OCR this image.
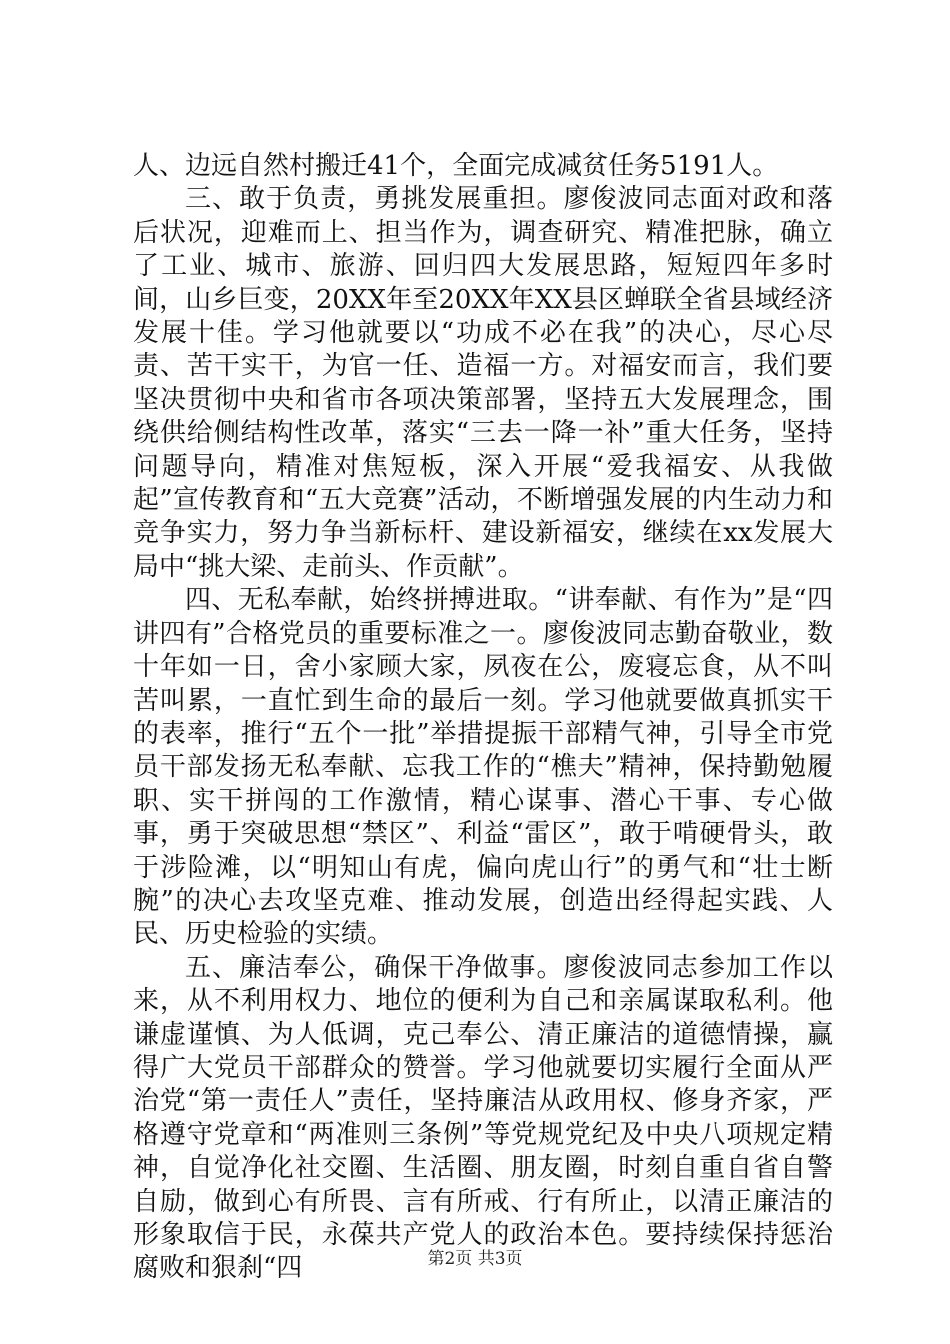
人、边远自然村搬迁41个，全面完成减贫任务5191人。

三、敢于负责，勇挑发展重担。廖俊波同志面对政和落后状况，迎难而上、担当作为，调查研究、精准把脉，确立了工业、城市、旅游、回归四大发展思路，短短四年多时间，山乡巨变，20XX年至20XX年XX县区蝉联全省县域经济发展十佳。学习他就要以“功成不必在我”的决心，尽心尽责、苦干实干，为官一任、造福一方。对福安而言，我们要坚决贯彻中央和省市各项决策部署，坚持五大发展理念，围绕供给侧结构性改革，落实“三去一降一补”重大任务，坚持问题导向，精准对焦短板，深入开展“爱我福安、从我做起”宣传教育和“五大竞赛”活动，不断增强发展的内生动力和竞争实力，努力争当新标杆、建设新福安，继续在xx发展大局中“挑大梁、走前头、作贡献”。

四、无私奉献，始终拼搏进取。“讲奉献、有作为”是“四讲四有”合格党员的重要标准之一。廖俊波同志勤奋敬业，数十年如一日，舍小家顾大家，夙夜在公，废寝忘食，从不叫苦叫累，一直忙到生命的最后一刻。学习他就要做真抓实干的表率，推行“五个一批”举措提振干部精气神，引导全市党员干部发扬无私奉献、忘我工作的“樵夫”精神，保持勤勉履职、实干拼闯的工作激情，精心谋事、潜心干事、专心做事，勇于突破思想“禁区”、利益“雷区”，敢于啃硬骨头，敢于涉险滩，以“明知山有虎，偏向虎山行”的勇气和“壮士断腕”的决心去攻坚克难、推动发展，创造出经得起实践、人民、历史检验的实绩。

五、廉洁奉公，确保干净做事。廖俊波同志参加工作以来，从不利用权力、地位的便利为自己和亲属谋取私利。他谦虚谨慎、为人低调，克己奉公、清正廉洁的道德情操，赢得广大党员干部群众的赞誉。学习他就要切实履行全面从严治党“第一责任人”责任，坚持廉洁从政用权、修身齐家，严格遵守党章和“两准则三条例”等党规党纪及中央八项规定精神，自觉净化社交圈、生活圈、朋友圈，时刻自重自省自警自励，做到心有所畏、言有所戒、行有所止，以清正廉洁的形象取信于民，永葆共产党人的政治本色。要持续保持惩治腐败和狠刹“四	第2页 共3页
